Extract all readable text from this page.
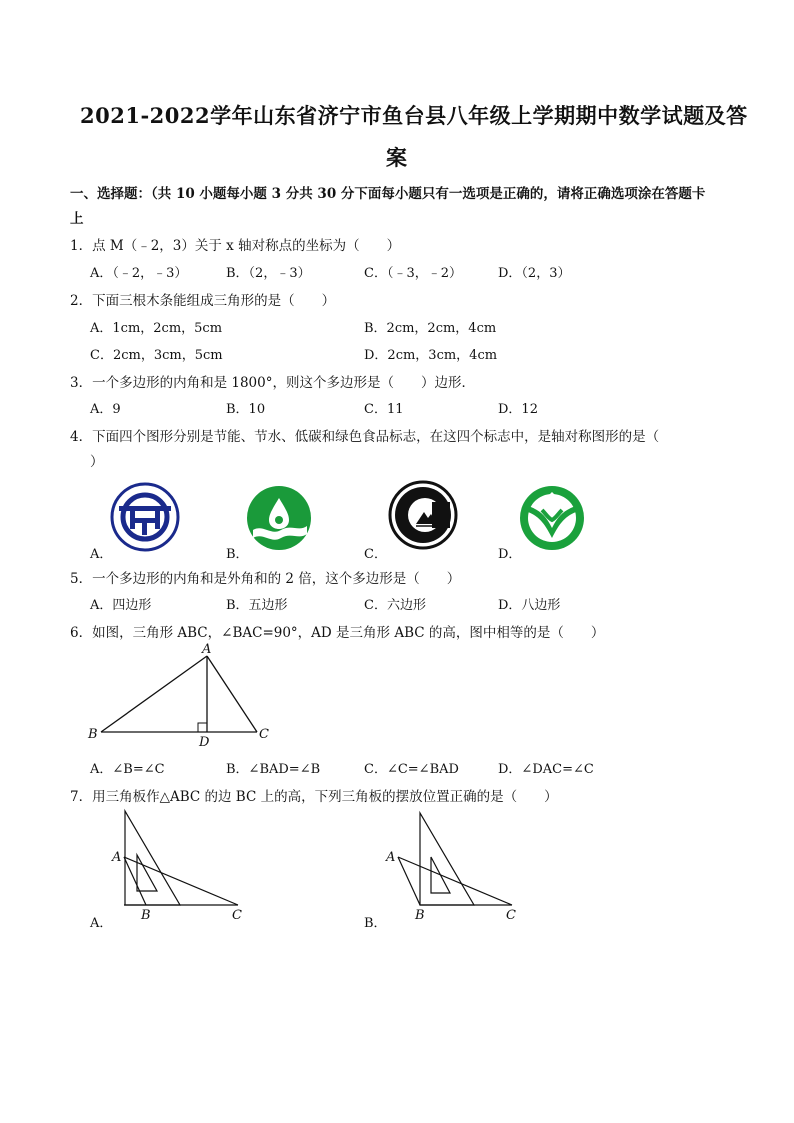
2021-2022学年山东省济宁市鱼台县八年级上学期期中数学试题及答
案
一、选择题：（共 10 小题每小题 3 分共 30 分下面每小题只有一选项是正确的，请将正确选项涂在答题卡
上
1．点 M（﹣2，3）关于 x 轴对称点的坐标为（　　）
A．（﹣2，﹣3）	B．（2，﹣3）	C．（﹣3，﹣2）	D．（2，3）
2．下面三根木条能组成三角形的是（　　）
A．1cm，2cm，5cm	B．2cm，2cm，4cm
C．2cm，3cm，5cm	D．2cm，3cm，4cm
3．一个多边形的内角和是 1800°，则这个多边形是（　　）边形．
A．9	B．10	C．11	D．12
4．下面四个图形分别是节能、节水、低碳和绿色食品标志，在这四个标志中，是轴对称图形的是（
）
A．	B．	C．	D．
5．一个多边形的内角和是外角和的 2 倍，这个多边形是（　　）
A．四边形	B．五边形	C．六边形	D．八边形
6．如图，三角形 ABC，∠BAC=90°，AD 是三角形 ABC 的高，图中相等的是（　　）
A
B	C
D
A．∠B=∠C	B．∠BAD=∠B	C．∠C=∠BAD	D．∠DAC=∠C
7．用三角板作△ABC 的边 BC 上的高，下列三角板的摆放位置正确的是（　　）
A
B	C
A．
A
B	C
B．
